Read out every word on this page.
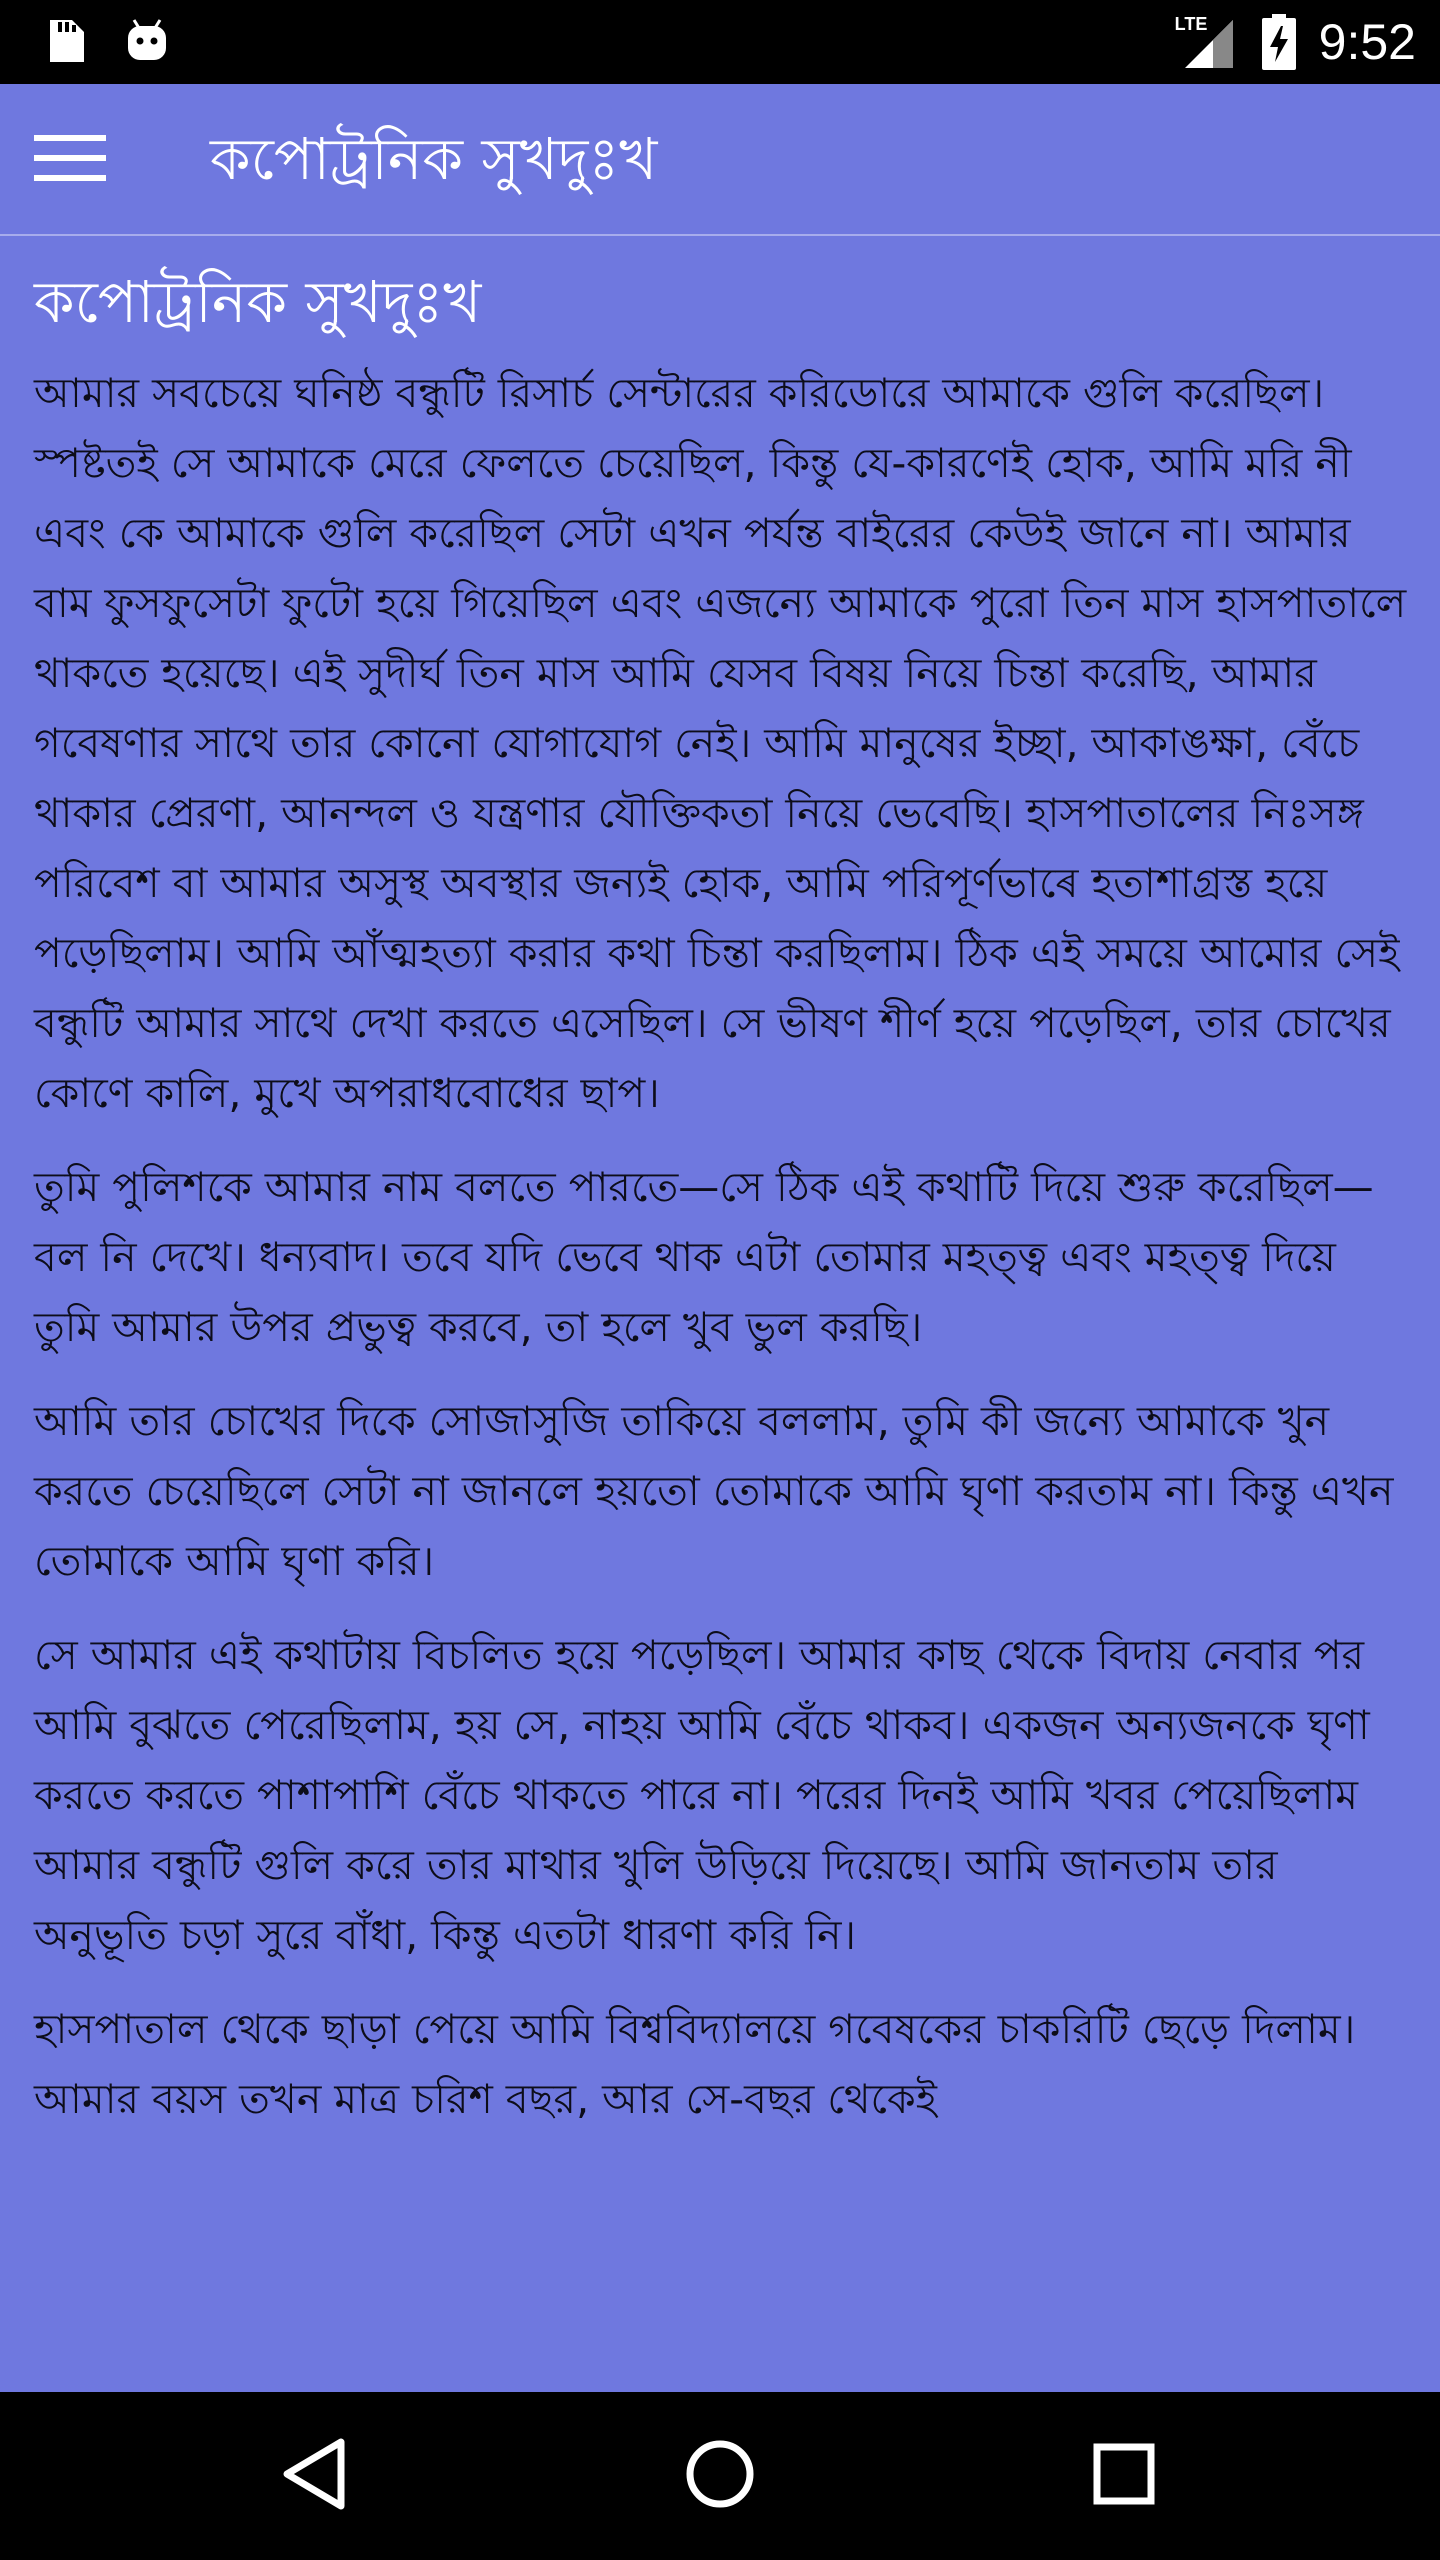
LTE 9:52
কপোট্রনিক সুখদুঃখ
কপোট্রনিক সুখদুঃখ

আমার সবচেয়ে ঘনিষ্ঠ বন্ধুটি রিসার্চ সেন্টারের করিডোরে আমাকে গুলি করেছিল। স্পষ্টতই সে আমাকে মেরে ফেলতে চেয়েছিল, কিন্তু যে-কারণেই হোক, আমি মরি নী এবং কে আমাকে গুলি করেছিল সেটা এখন পর্যন্ত বাইরের কেউই জানে না। আমার বাম ফুসফুসেটা ফুটো হয়ে গিয়েছিল এবং এজন্যে আমাকে পুরো তিন মাস হাসপাতালে থাকতে হয়েছে। এই সুদীর্ঘ তিন মাস আমি যেসব বিষয় নিয়ে চিন্তা করেছি, আমার গবেষণার সাথে তার কোনো যোগাযোগ নেই। আমি মানুষের ইচ্ছা, আকাঙক্ষা, বেঁচে থাকার প্রেরণা, আনন্দল ও যন্ত্রণার যৌক্তিকতা নিয়ে ভেবেছি। হাসপাতালের নিঃসঙ্গ পরিবেশ বা আমার অসুস্থ অবস্থার জন্যই হোক, আমি পরিপূর্ণভাৰে হতাশাগ্রস্ত হয়ে পড়েছিলাম। আমি আঁত্মহত্যা করার কথা চিন্তা করছিলাম। ঠিক এই সময়ে আমোর সেই বন্ধুটি আমার সাথে দেখা করতে এসেছিল। সে ভীষণ শীর্ণ হয়ে পড়েছিল, তার চোখের কোণে কালি, মুখে অপরাধবোধের ছাপ।

তুমি পুলিশকে আমার নাম বলতে পারতে—সে ঠিক এই কথাটি দিয়ে শুরু করেছিল—বল নি দেখে। ধন্যবাদ। তবে যদি ভেবে থাক এটা তোমার মহত্ত্ব এবং মহত্ত্ব দিয়ে তুমি আমার উপর প্রভুত্ব করবে, তা হলে খুব ভুল করছি।

আমি তার চোখের দিকে সোজাসুজি তাকিয়ে বললাম, তুমি কী জন্যে আমাকে খুন করতে চেয়েছিলে সেটা না জানলে হয়তো তোমাকে আমি ঘৃণা করতাম না। কিন্তু এখন তোমাকে আমি ঘৃণা করি।

সে আমার এই কথাটায় বিচলিত হয়ে পড়েছিল। আমার কাছ থেকে বিদায় নেবার পর আমি বুঝতে পেরেছিলাম, হয় সে, নাহয় আমি বেঁচে থাকব। একজন অন্যজনকে ঘৃণা করতে করতে পাশাপাশি বেঁচে থাকতে পারে না। পরের দিনই আমি খবর পেয়েছিলাম আমার বন্ধুটি গুলি করে তার মাথার খুলি উড়িয়ে দিয়েছে। আমি জানতাম তার অনুভূতি চড়া সুরে বাঁধা, কিন্তু এতটা ধারণা করি নি।

হাসপাতাল থেকে ছাড়া পেয়ে আমি বিশ্ববিদ্যালয়ে গবেষকের চাকরিটি ছেড়ে দিলাম। আমার বয়স তখন মাত্র চরিশ বছর, আর সে-বছর থেকেই
